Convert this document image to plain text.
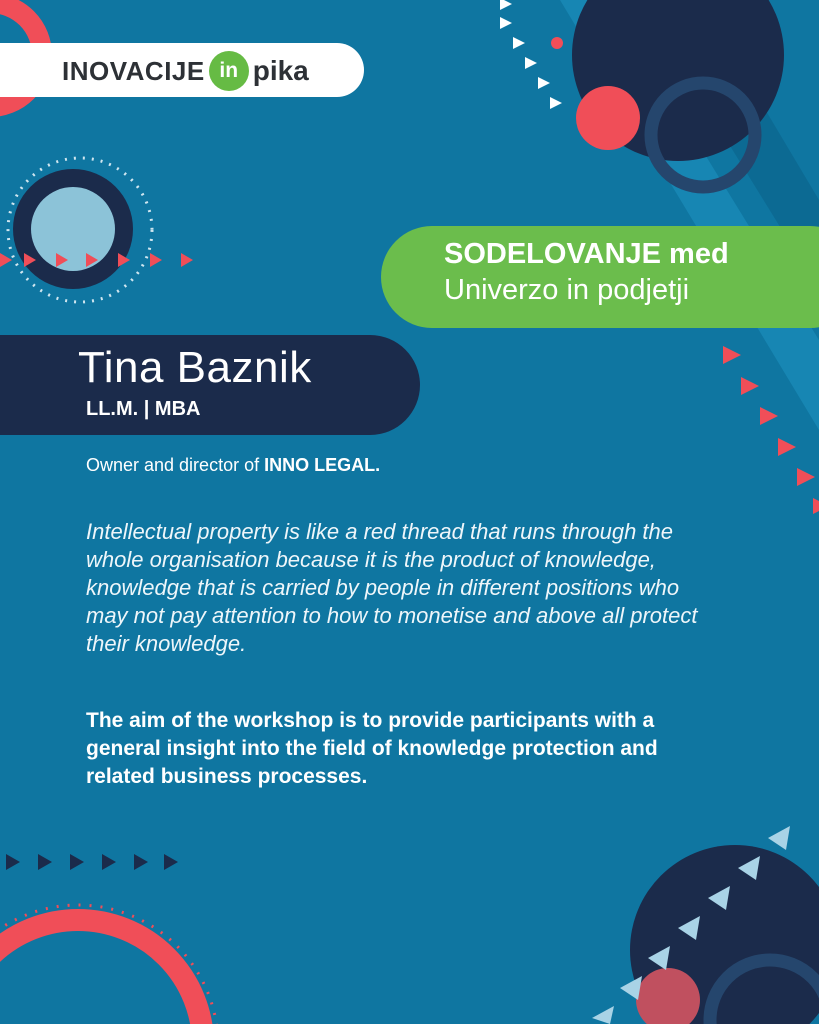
INOVACIJE in pika
SODELOVANJE med
Univerzo in podjetji
Tina Baznik
LL.M. | MBA
Owner and director of INNO LEGAL.
Intellectual property is like a red thread that runs through the whole organisation because it is the product of knowledge, knowledge that is carried by people in different positions who may not pay attention to how to monetise and above all protect their knowledge.
The aim of the workshop is to provide participants with a general insight into the field of knowledge protection and related business processes.
